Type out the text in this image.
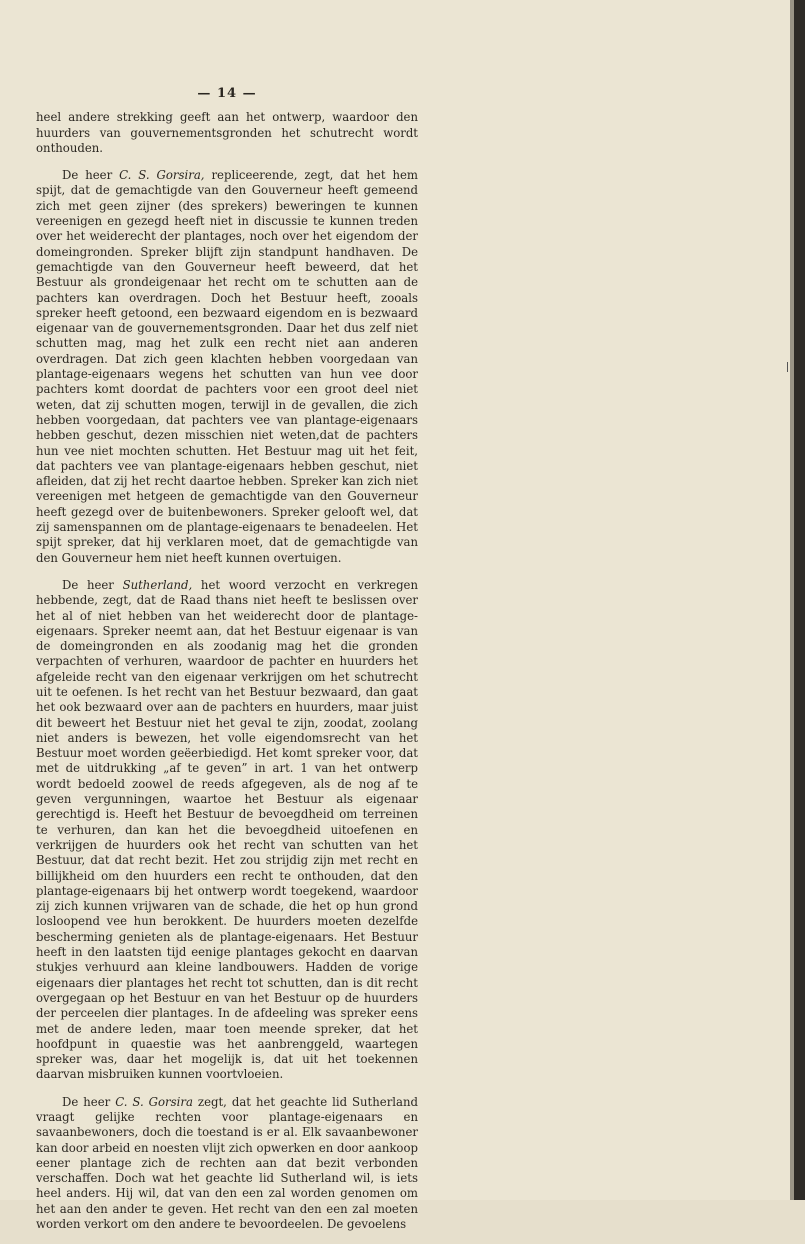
— 14 —

heel andere strekking geeft aan het ontwerp, waardoor den huurders van gouvernementsgronden het schutrecht wordt onthouden.

De heer C. S. Gorsira, repliceerende, zegt, dat het hem spijt, dat de gemachtigde van den Gouverneur heeft gemeend zich met geen zijner (des sprekers) beweringen te kunnen vereenigen en gezegd heeft niet in discussie te kunnen treden over het weiderecht der plantages, noch over het eigendom der domeingronden. Spreker blijft zijn standpunt handhaven. De gemachtigde van den Gouverneur heeft beweerd, dat het Bestuur als grondeigenaar het recht om te schutten aan de pachters kan overdragen. Doch het Bestuur heeft, zooals spreker heeft getoond, een bezwaard eigendom en is bezwaard eigenaar van de gouvernementsgronden. Daar het dus zelf niet schutten mag, mag het zulk een recht niet aan anderen overdragen. Dat zich geen klachten hebben voorgedaan van plantage-eigenaars wegens het schutten van hun vee door pachters komt doordat de pachters voor een groot deel niet weten, dat zij schutten mogen, terwijl in de gevallen, die zich hebben voorgedaan, dat pachters vee van plantage-eigenaars hebben geschut, dezen misschien niet weten,dat de pachters hun vee niet mochten schutten. Het Bestuur mag uit het feit, dat pachters vee van plantage-eigenaars hebben geschut, niet afleiden, dat zij het recht daartoe hebben. Spreker kan zich niet vereenigen met hetgeen de gemachtigde van den Gouverneur heeft gezegd over de buitenbewoners. Spreker gelooft wel, dat zij samenspannen om de plantage-eigenaars te benadeelen. Het spijt spreker, dat hij verklaren moet, dat de gemachtigde van den Gouverneur hem niet heeft kunnen overtuigen.

De heer Sutherland, het woord verzocht en verkregen hebbende, zegt, dat de Raad thans niet heeft te beslissen over het al of niet hebben van het weiderecht door de plantage-eigenaars. Spreker neemt aan, dat het Bestuur eigenaar is van de domeingronden en als zoodanig mag het die gronden verpachten of verhuren, waardoor de pachter en huurders het afgeleide recht van den eigenaar verkrijgen om het schutrecht uit te oefenen. Is het recht van het Bestuur bezwaard, dan gaat het ook bezwaard over aan de pachters en huurders, maar juist dit beweert het Bestuur niet het geval te zijn, zoodat, zoolang niet anders is bewezen, het volle eigendomsrecht van het Bestuur moet worden geëerbiedigd. Het komt spreker voor, dat met de uitdrukking „af te geven” in art. 1 van het ontwerp wordt bedoeld zoowel de reeds afgegeven, als de nog af te geven vergunningen, waartoe het Bestuur als eigenaar gerechtigd is. Heeft het Bestuur de bevoegdheid om terreinen te verhuren, dan kan het die bevoegdheid uitoefenen en verkrijgen de huurders ook het recht van schutten van het Bestuur, dat dat recht bezit. Het zou strijdig zijn met recht en billijkheid om den huurders een recht te onthouden, dat den plantage-eigenaars bij het ontwerp wordt toegekend, waardoor zij zich kunnen vrijwaren van de schade, die het op hun grond losloopend vee hun berokkent. De huurders moeten dezelfde bescherming genieten als de plantage-eigenaars. Het Bestuur heeft in den laatsten tijd eenige plantages gekocht en daarvan stukjes verhuurd aan kleine landbouwers. Hadden de vorige eigenaars dier plantages het recht tot schutten, dan is dit recht overgegaan op het Bestuur en van het Bestuur op de huurders der perceelen dier plantages. In de afdeeling was spreker eens met de andere leden, maar toen meende spreker, dat het hoofdpunt in quaestie was het aanbrenggeld, waartegen spreker was, daar het mogelijk is, dat uit het toekennen daarvan misbruiken kunnen voortvloeien.

De heer C. S. Gorsira zegt, dat het geachte lid Sutherland vraagt gelijke rechten voor plantage-eigenaars en savaanbewoners, doch die toestand is er al. Elk savaanbewoner kan door arbeid en noesten vlijt zich opwerken en door aankoop eener plantage zich de rechten aan dat bezit verbonden verschaffen. Doch wat het geachte lid Sutherland wil, is iets heel anders. Hij wil, dat van den een zal worden genomen om het aan den ander te geven. Het recht van den een zal moeten worden verkort om den andere te bevoordeelen. De gevoelens
